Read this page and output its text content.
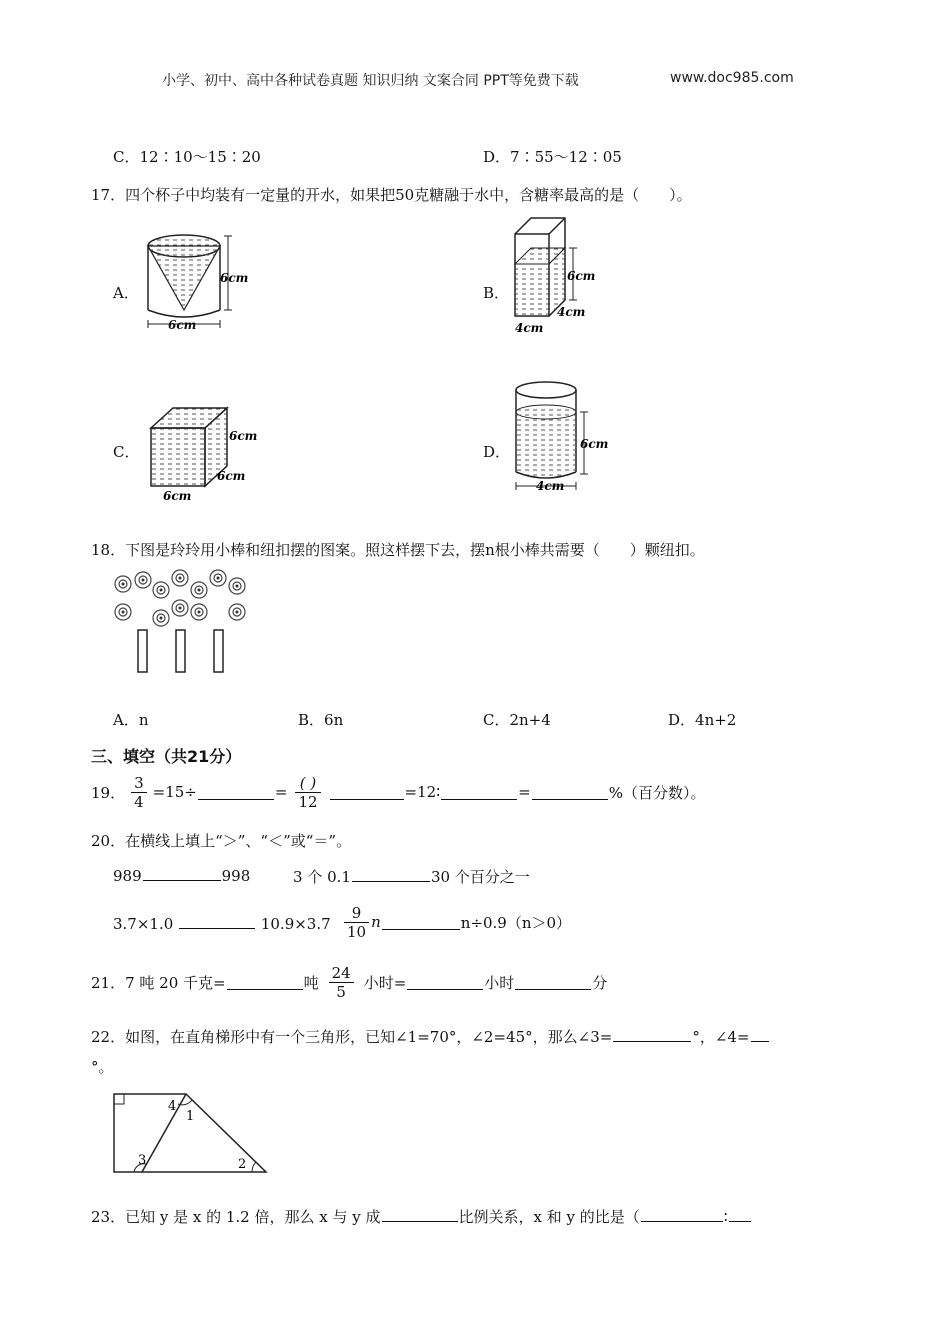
小学、初中、高中各种试卷真题 知识归纳 文案合同 PPT等免费下载	www.doc985.com
C．12∶10～15∶20	D．7∶55～12∶05
17．四个杯子中均装有一定量的开水，如果把50克糖融于水中，含糖率最高的是（　　）。
A．	B．
C．	D．
6cm
6cm
6cm
4cm
4cm
6cm
6cm
6cm
6cm
4cm
18．下图是玲玲用小棒和纽扣摆的图案。照这样摆下去，摆n根小棒共需要（　　）颗纽扣。
A．n	B．6n	C．2n+4	D．4n+2
三、填空（共21分）
19． $\frac{3}{4} =15\div$	= $\frac{( )}{12}$	=12∶	=	%（百分数）。
20．在横线上填上“＞”、“＜”或“＝”。
989	998	3 个 0.1	30 个百分之一
3.7×1.0	$10.9\times 3.7 \frac{9}{10}$ n	n÷0.9（n＞0）
21．7 吨 20 千克=	吨 $\frac{24}{5}$ 小时=	小时	分
22．如图，在直角梯形中有一个三角形，已知∠1=70°，∠2=45°，那么∠3=	°，∠4=
°。
4
1
3	2
23．已知 y 是 x 的 1.2 倍，那么 x 与 y 成	比例关系，x 和 y 的比是（	∶
